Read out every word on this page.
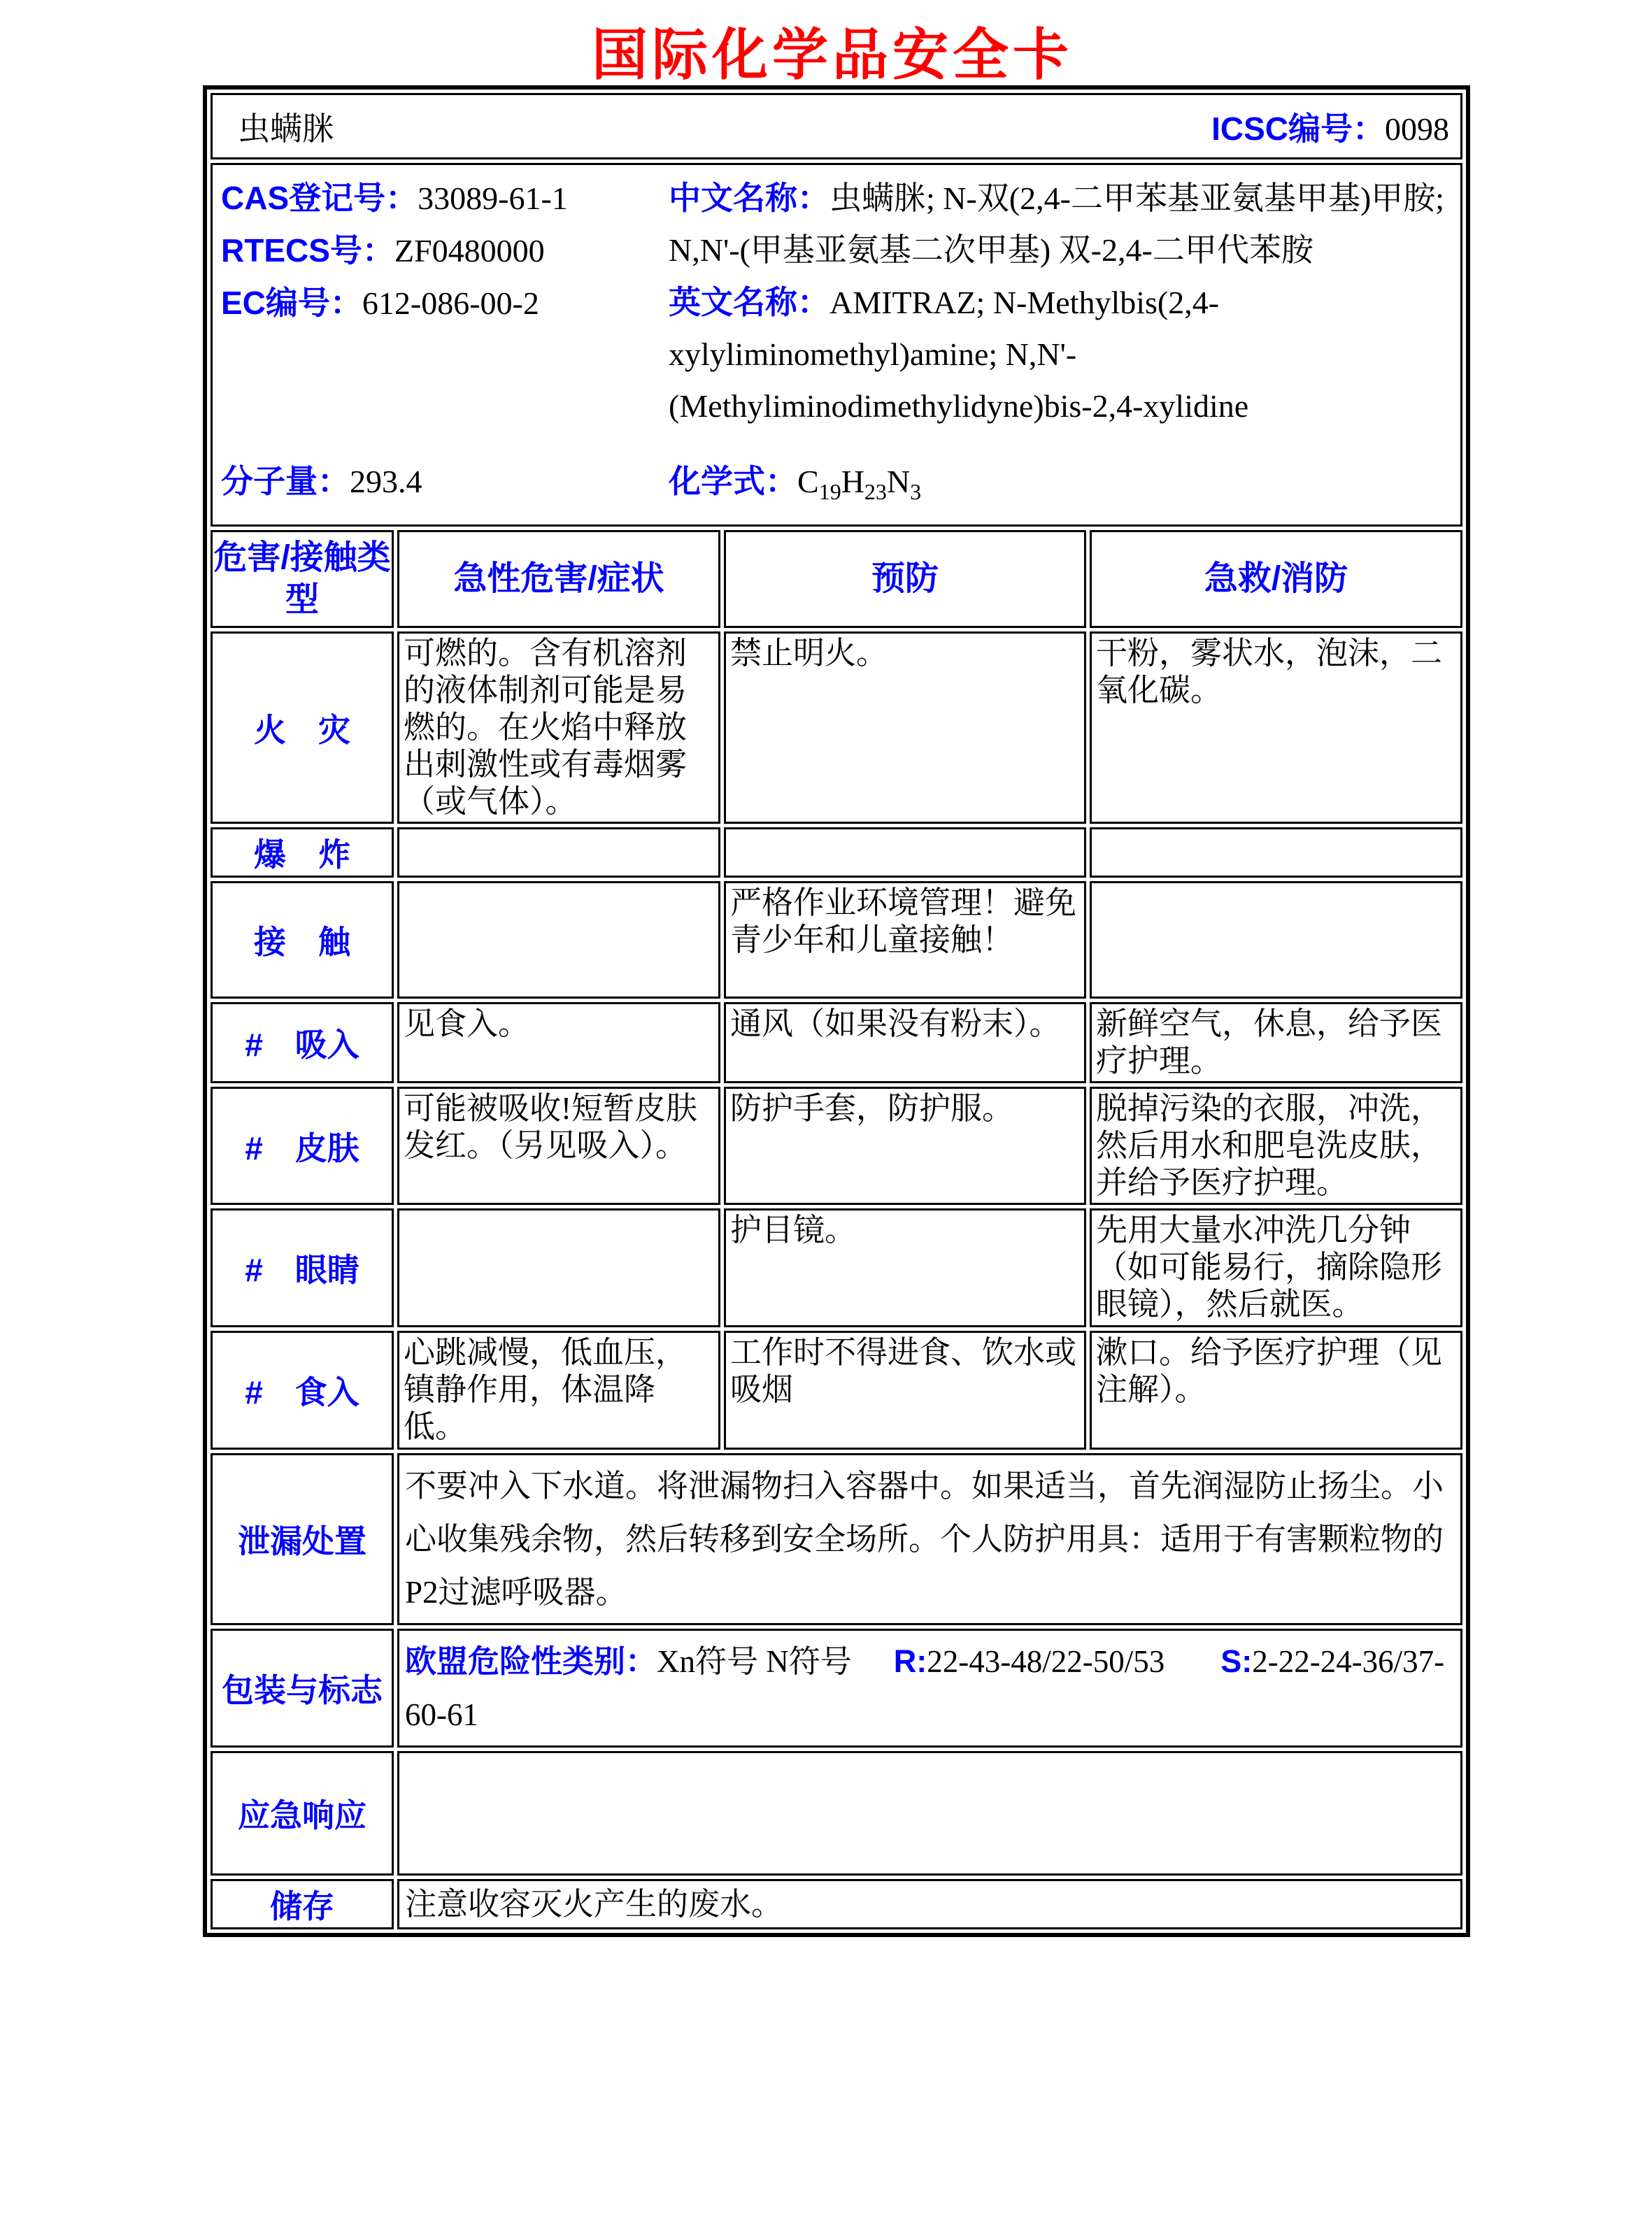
国际化学品安全卡
虫螨脒 ICSC编号：0098			

CAS登记号：33089-61-1

RTECS号：ZF0480000

EC编号：612-086-00-2

分子量：293.4

中文名称：虫螨脒; N-双(2,4-二甲苯基亚氨基甲基)甲胺; N,N'-(甲基亚氨基二次甲基) 双-2,4-二甲代苯胺

英文名称：AMITRAZ; N-Methylbis(2,4-xylyliminomethyl)amine; N,N'-(Methyliminodimethylidyne)bis-2,4-xylidine

化学式：$C_{19}H_{23}N_3$

危害/接触类型	急性危害/症状	预防	急救/消防
火　灾	可燃的。含有机溶剂的液体制剂可能是易燃的。在火焰中释放出刺激性或有毒烟雾（或气体）。	禁止明火。	干粉，雾状水，泡沫，二氧化碳。
爆　炸			
接　触		严格作业环境管理！避免青少年和儿童接触！	
#　吸入	见食入。	通风（如果没有粉末）。	新鲜空气，休息，给予医疗护理。
#　皮肤	可能被吸收!短暂皮肤发红。（另见吸入）。	防护手套，防护服。	脱掉污染的衣服，冲洗，然后用水和肥皂洗皮肤，并给予医疗护理。
#　眼睛		护目镜。	先用大量水冲洗几分钟（如可能易行，摘除隐形眼镜），然后就医。
#　食入	心跳减慢，低血压，镇静作用，体温降低。	工作时不得进食、饮水或吸烟	漱口。给予医疗护理（见注解）。
泄漏处置	不要冲入下水道。将泄漏物扫入容器中。如果适当，首先润湿防止扬尘。小心收集残余物，然后转移到安全场所。个人防护用具：适用于有害颗粒物的P2过滤呼吸器。		
包装与标志	欧盟危险性类别：Xn符号 N符号 R:22-43-48/22-50/53 S:2-22-24-36/37-60-61		
应急响应			
储存	注意收容灭火产生的废水。		
